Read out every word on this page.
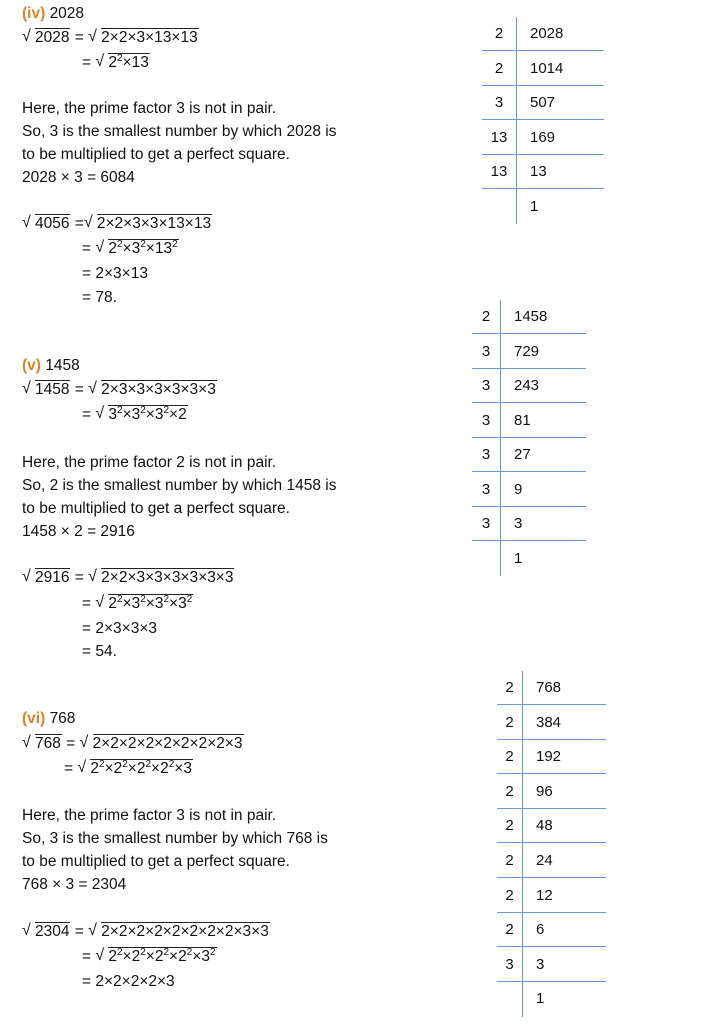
(iv) 2028
√ 2028 = √ 2×2×3×13×13
= √ $2^2\times 13$
Here, the prime factor 3 is not in pair.
So, 3 is the smallest number by which 2028 is
to be multiplied to get a perfect square.
2028 × 3 = 6084
√ 4056 = √ 2×2×3×3×13×13
= √ $2^2\times 3^2\times 13^2$
= 2×3×13
= 78.
(v) 1458
√ 1458 = √ 2×3×3×3×3×3×3
= √ $3^2\times 3^2\times 3^2\times 2$
Here, the prime factor 2 is not in pair.
So, 2 is the smallest number by which 1458 is
to be multiplied to get a perfect square.
1458 × 2 = 2916
√ 2916 = √ 2×2×3×3×3×3×3×3
= √ $2^2\times 3^2\times 3^2\times 3^2$
= 2×3×3×3
= 54.
(vi) 768
√ 768 = √ 2×2×2×2×2×2×2×2×3
= √ $2^2\times 2^2\times 2^2\times 2^2\times 3$
Here, the prime factor 3 is not in pair.
So, 3 is the smallest number by which 768 is
to be multiplied to get a perfect square.
768 × 3 = 2304
√ 2304 = √ 2×2×2×2×2×2×2×2×3×3
= √ $2^2\times 2^2\times 2^2\times 2^2\times 3^2$
= 2×2×2×2×3
2	2028
2	1014
3	507
13	169
13	13
1
2	1458
3	729
3	243
3	81
3	27
3	9
3	3
1
2	768
2	384
2	192
2	96
2	48
2	24
2	12
2	6
3	3
1
